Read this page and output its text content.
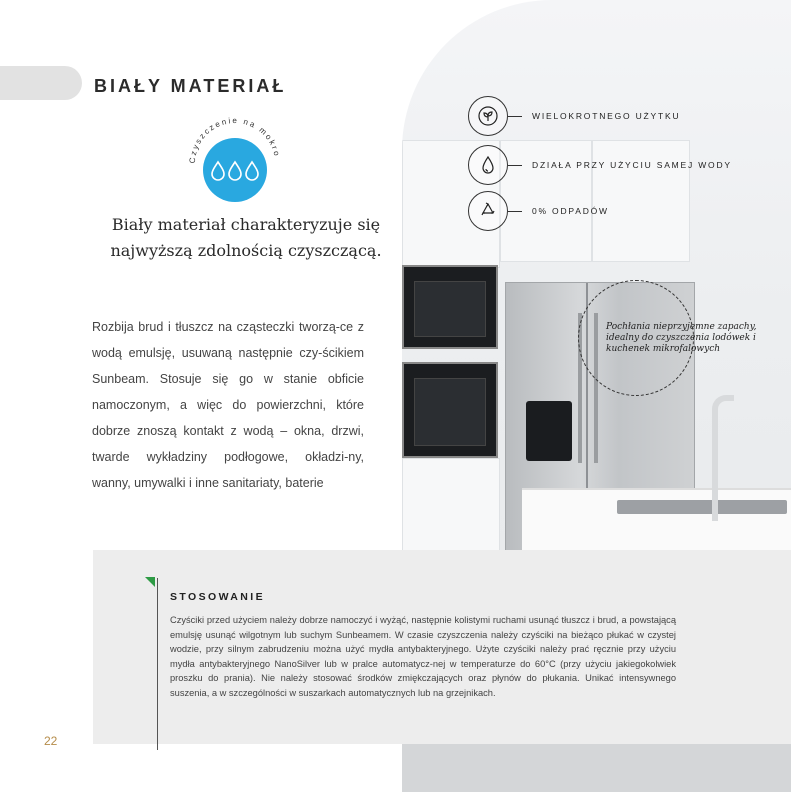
BIAŁY MATERIAŁ
Czyszczenie na mokro
Biały materiał charakteryzuje się najwyższą zdolnością czyszczącą.
Rozbija brud i tłuszcz na cząsteczki tworzą-ce z wodą emulsję, usuwaną następnie czy-ścikiem Sunbeam. Stosuje się go w stanie obficie namoczonym, a więc do powierzchni, które dobrze znoszą kontakt z wodą – okna, drzwi, twarde wykładziny podłogowe, okładzi-ny, wanny, umywalki i inne sanitariaty, baterie
WIELOKROTNEGO UŻYTKU
DZIAŁA PRZY UŻYCIU SAMEJ WODY
0% ODPADÓW
Pochłania nieprzyjemne zapachy, idealny do czyszczenia lodówek i kuchenek mikrofalowych
STOSOWANIE
Czyściki przed użyciem należy dobrze namoczyć i wyżąć, następnie kolistymi ruchami usunąć tłuszcz i brud, a powstającą emulsję usunąć wilgotnym lub suchym Sunbeamem. W czasie czyszczenia należy czyściki na bieżąco płukać w czystej wodzie, przy silnym zabrudzeniu można użyć mydła antybakteryjnego. Użyte czyściki należy prać ręcznie przy użyciu mydła antybakteryjnego NanoSilver lub w pralce automatycz-nej w temperaturze do 60°C (przy użyciu jakiegokolwiek proszku do prania). Nie należy stosować środków zmiękczających oraz płynów do płukania. Unikać intensywnego suszenia, a w szczególności w suszarkach automatycznych lub na grzejnikach.
22
